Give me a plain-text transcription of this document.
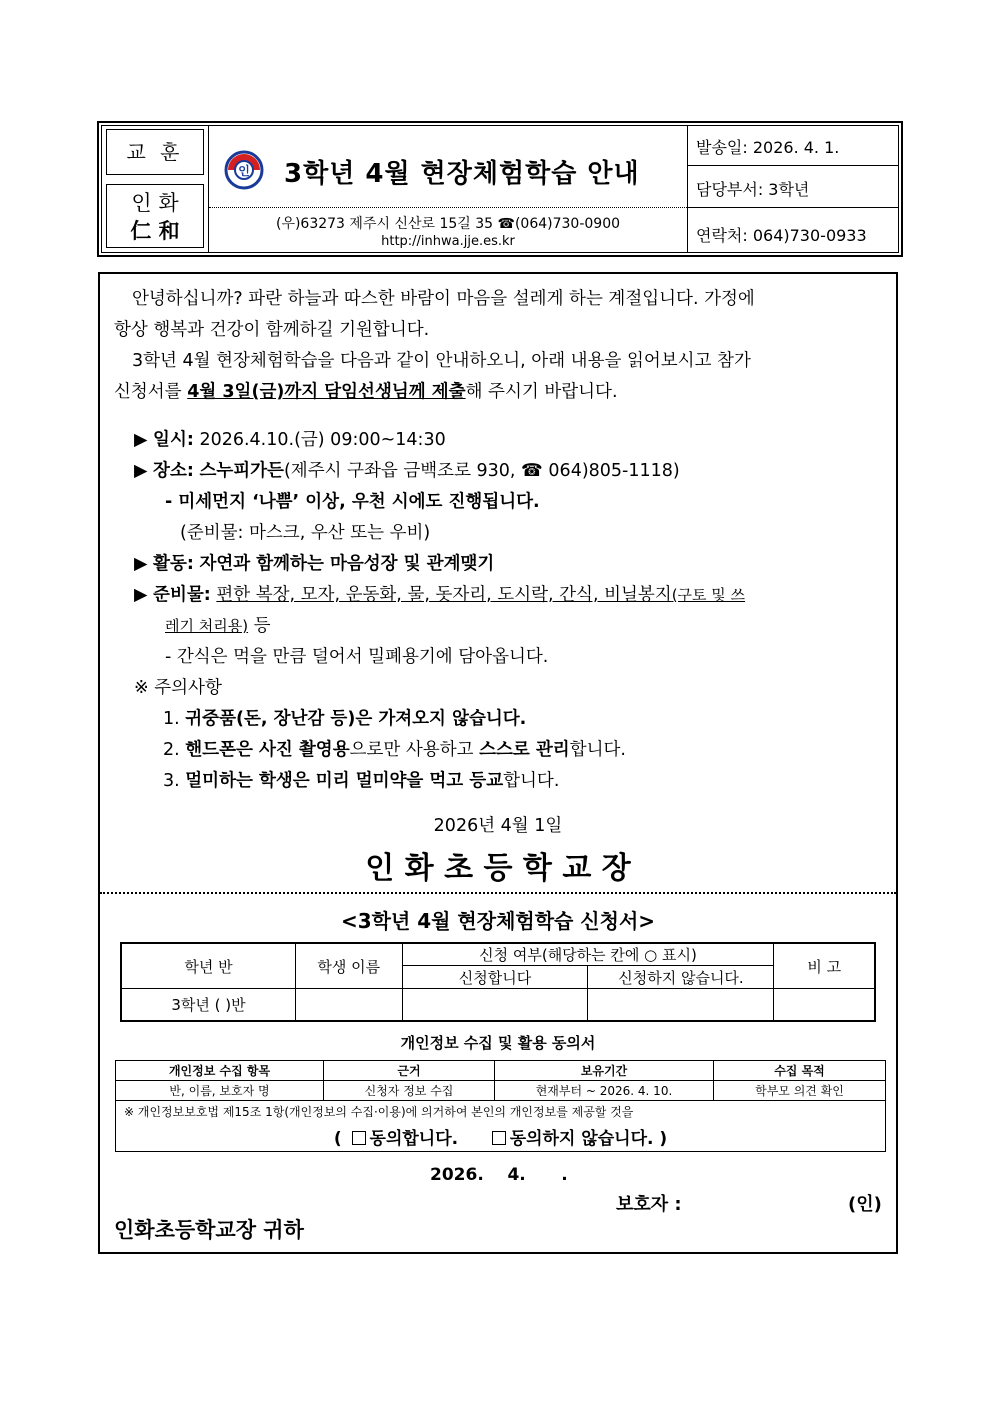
교 훈
인 화
仁 和
인 3학년 4월 현장체험학습 안내
(우)63273 제주시 신산로 15길 35 ☎(064)730-0900
http://inhwa.jje.es.kr
발송일: 2026. 4. 1.
담당부서: 3학년
연락처: 064)730-0933
안녕하십니까? 파란 하늘과 따스한 바람이 마음을 설레게 하는 계절입니다. 가정에
항상 행복과 건강이 함께하길 기원합니다.
3학년 4월 현장체험학습을 다음과 같이 안내하오니, 아래 내용을 읽어보시고 참가
신청서를 4월 3일(금)까지 담임선생님께 제출해 주시기 바랍니다.
▶ 일시: 2026.4.10.(금) 09:00~14:30
▶ 장소: 스누피가든(제주시 구좌읍 금백조로 930, ☎ 064)805-1118)
- 미세먼지 ‘나쁨’ 이상, 우천 시에도 진행됩니다.
(준비물: 마스크, 우산 또는 우비)
▶ 활동: 자연과 함께하는 마음성장 및 관계맺기
▶ 준비물: 편한 복장, 모자, 운동화, 물, 돗자리, 도시락, 간식, 비닐봉지(구토 및 쓰
레기 처리용) 등
- 간식은 먹을 만큼 덜어서 밀폐용기에 담아옵니다.
※ 주의사항
1. 귀중품(돈, 장난감 등)은 가져오지 않습니다.
2. 핸드폰은 사진 촬영용으로만 사용하고 스스로 관리합니다.
3. 멀미하는 학생은 미리 멀미약을 먹고 등교합니다.
2026년 4월 1일
인 화 초 등 학 교 장
<3학년 4월 현장체험학습 신청서>
학년 반	학생 이름	신청 여부(해당하는 칸에 ○ 표시)		비 고
		신청합니다	신청하지 않습니다.	
3학년 ( )반				
개인정보 수집 및 활용 동의서
개인정보 수집 항목	근거	보유기간	수집 목적
반, 이름, 보호자 명	신청자 정보 수집	현재부터 ~ 2026. 4. 10.	학부모 의견 확인

※ 개인정보보호법 제15조 1항(개인정보의 수집·이용)에 의거하여 본인의 개인정보를 제공할 것을
( 동의합니다. 동의하지 않습니다. )			
2026.    4.      .
보호자 :	(인)
인화초등학교장 귀하
